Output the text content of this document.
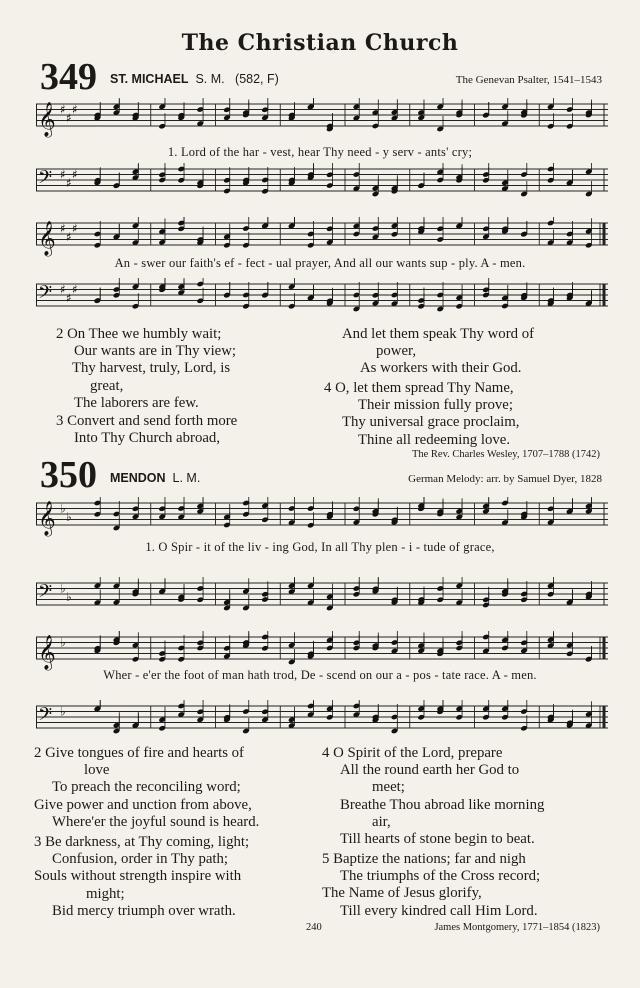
The Christian Church
349 ST. MICHAEL S. M. (582, F)	The Genevan Psalter, 1541–1543
𝄞 ♯
♯
♯
1. Lord of the har - vest, hear Thy need - y serv - ants' cry;
𝄢 ♯
♯
♯
𝄞 ♯
♯
♯
An - swer our faith's ef - fect - ual prayer, And all our wants sup - ply. A - men.
𝄢 ♯
♯
♯
2 On Thee we humbly wait;
Our wants are in Thy view;
Thy harvest, truly, Lord, is
great,
The laborers are few.
3 Convert and send forth more
Into Thy Church abroad,
And let them speak Thy word of
power,
As workers with their God.
4 O, let them spread Thy Name,
Their mission fully prove;
Thy universal grace proclaim,
Thine all redeeming love.
The Rev. Charles Wesley, 1707–1788 (1742)
350 MENDON L. M.	German Melody: arr. by Samuel Dyer, 1828
𝄞 ♭
♭
1. O Spir - it of the liv - ing God, In all Thy plen - i - tude of grace,
𝄢 ♭
♭
𝄞 ♭
Wher - e'er the foot of man hath trod, De - scend on our a - pos - tate race. A - men.
𝄢 ♭
2 Give tongues of fire and hearts of
love
To preach the reconciling word;
Give power and unction from above,
Where'er the joyful sound is heard.
3 Be darkness, at Thy coming, light;
Confusion, order in Thy path;
Souls without strength inspire with
might;
Bid mercy triumph over wrath.
4 O Spirit of the Lord, prepare
All the round earth her God to
meet;
Breathe Thou abroad like morning
air,
Till hearts of stone begin to beat.
5 Baptize the nations; far and nigh
The triumphs of the Cross record;
The Name of Jesus glorify,
Till every kindred call Him Lord.
240	James Montgomery, 1771–1854 (1823)
